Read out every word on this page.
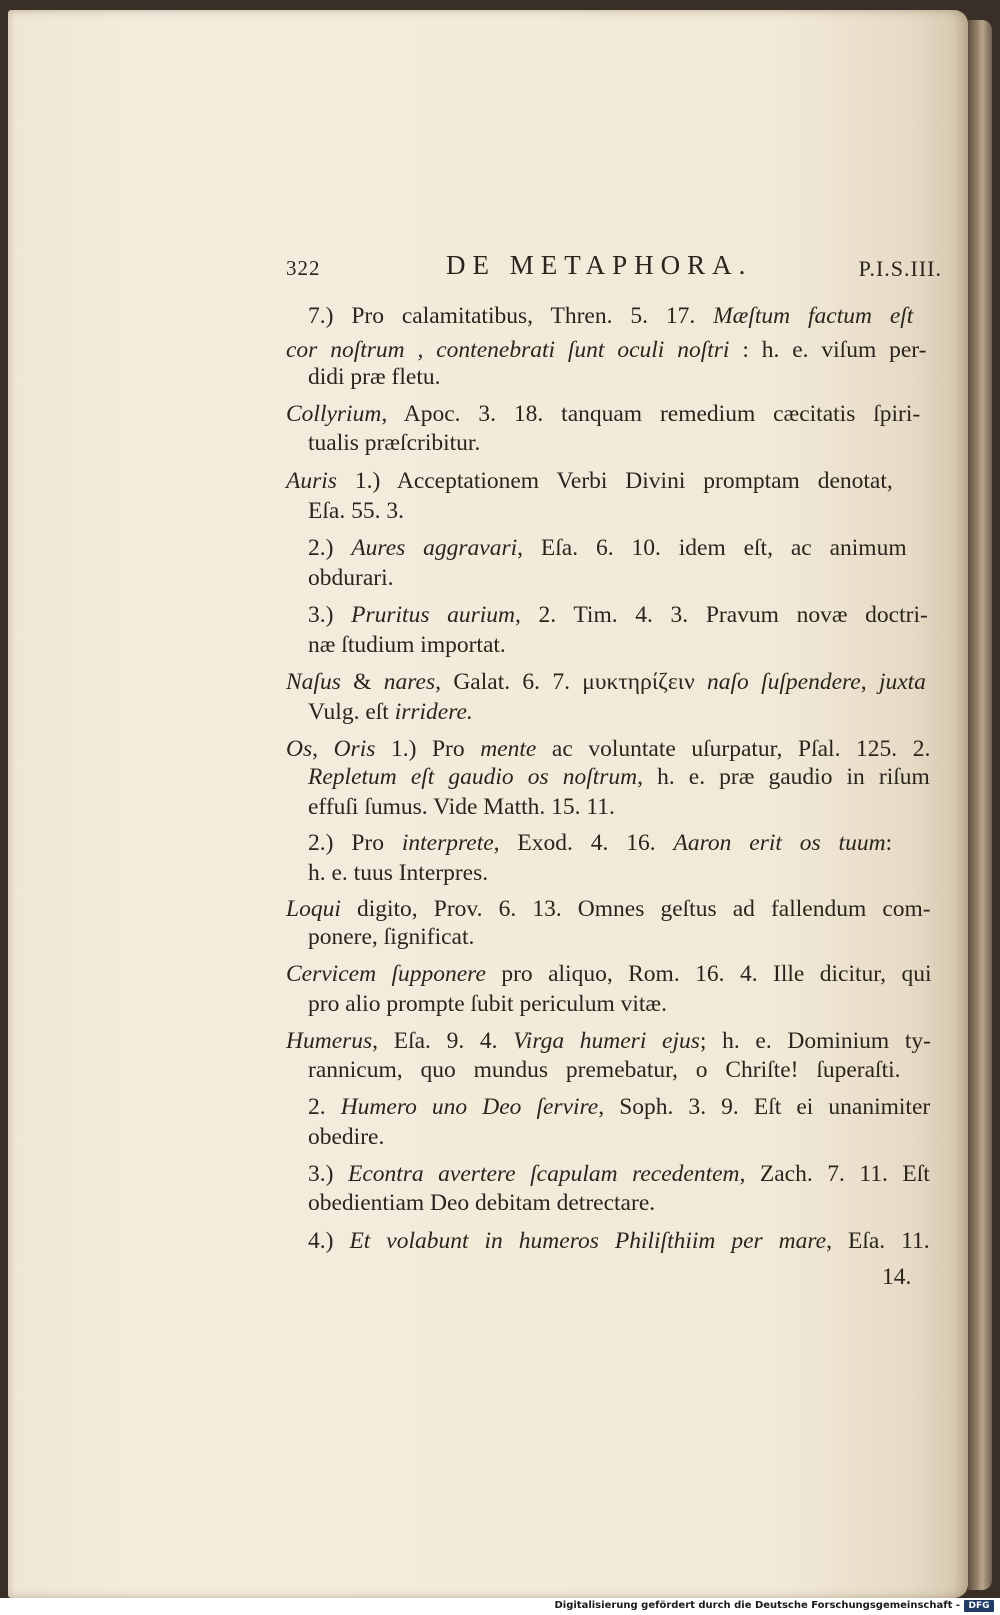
322	DE METAPHORA.	P.I.S.III.
7.) Pro calamitatibus, Thren. 5. 17. Mæſtum factum eſt
cor noſtrum , contenebrati ſunt oculi noſtri : h. e. viſum per-
didi præ fletu.
Collyrium, Apoc. 3. 18. tanquam remedium cæcitatis ſpiri-
tualis præſcribitur.
Auris 1.) Acceptationem Verbi Divini promptam denotat,
Eſa. 55. 3.
2.) Aures aggravari, Eſa. 6. 10. idem eſt, ac animum
obdurari.
3.) Pruritus aurium, 2. Tim. 4. 3. Pravum novæ doctri-
næ ſtudium importat.
Naſus & nares, Galat. 6. 7. μυκτηρίζειν naſo ſuſpendere, juxta
Vulg. eſt irridere.
Os, Oris 1.) Pro mente ac voluntate uſurpatur, Pſal. 125. 2.
Repletum eſt gaudio os noſtrum, h. e. præ gaudio in riſum
effuſi ſumus. Vide Matth. 15. 11.
2.) Pro interprete, Exod. 4. 16. Aaron erit os tuum:
h. e. tuus Interpres.
Loqui digito, Prov. 6. 13. Omnes geſtus ad fallendum com-
ponere, ſignificat.
Cervicem ſupponere pro aliquo, Rom. 16. 4. Ille dicitur, qui
pro alio prompte ſubit periculum vitæ.
Humerus, Eſa. 9. 4. Virga humeri ejus; h. e. Dominium ty-
rannicum, quo mundus premebatur, o Chriſte! ſuperaſti.
2. Humero uno Deo ſervire, Soph. 3. 9. Eſt ei unanimiter
obedire.
3.) Econtra avertere ſcapulam recedentem, Zach. 7. 11. Eſt
obedientiam Deo debitam detrectare.
4.) Et volabunt in humeros Philiſthiim per mare, Eſa. 11.
14.
Digitalisierung gefördert durch die Deutsche Forschungsgemeinschaft - DFG
